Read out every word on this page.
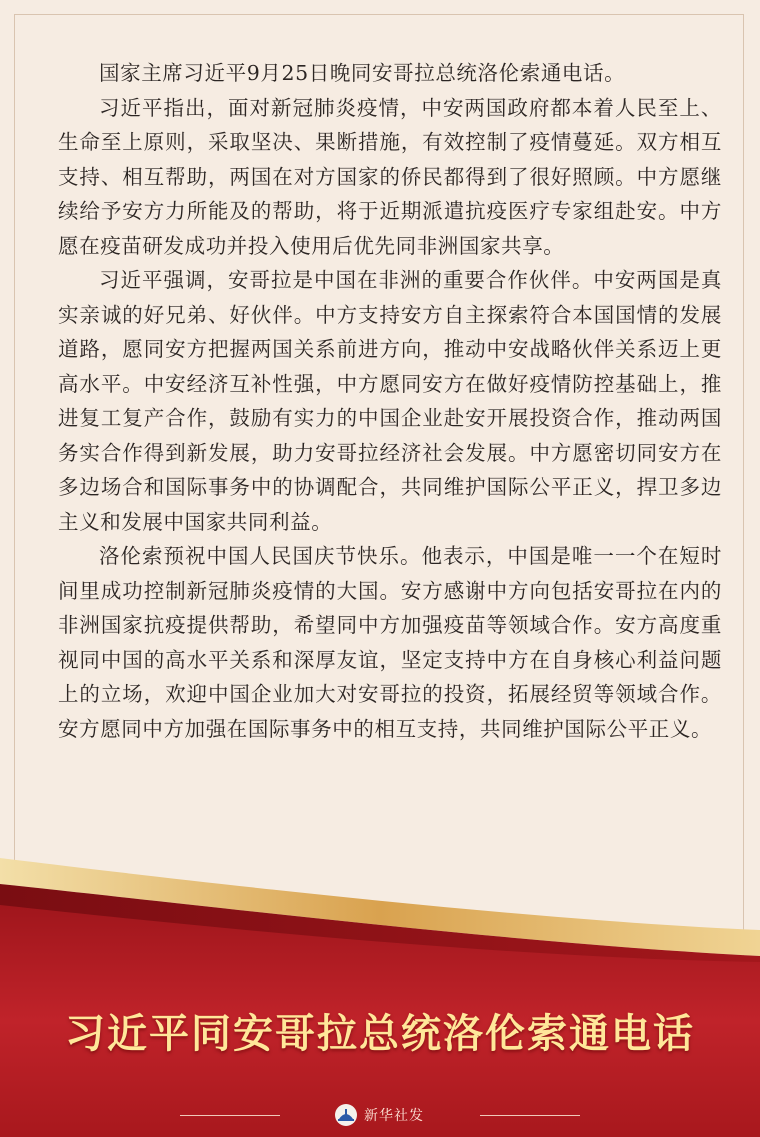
国家主席习近平9月25日晚同安哥拉总统洛伦索通电话。

习近平指出，面对新冠肺炎疫情，中安两国政府都本着人民至上、生命至上原则，采取坚决、果断措施，有效控制了疫情蔓延。双方相互支持、相互帮助，两国在对方国家的侨民都得到了很好照顾。中方愿继续给予安方力所能及的帮助，将于近期派遣抗疫医疗专家组赴安。中方愿在疫苗研发成功并投入使用后优先同非洲国家共享。

习近平强调，安哥拉是中国在非洲的重要合作伙伴。中安两国是真实亲诚的好兄弟、好伙伴。中方支持安方自主探索符合本国国情的发展道路，愿同安方把握两国关系前进方向，推动中安战略伙伴关系迈上更高水平。中安经济互补性强，中方愿同安方在做好疫情防控基础上，推进复工复产合作，鼓励有实力的中国企业赴安开展投资合作，推动两国务实合作得到新发展，助力安哥拉经济社会发展。中方愿密切同安方在多边场合和国际事务中的协调配合，共同维护国际公平正义，捍卫多边主义和发展中国家共同利益。

洛伦索预祝中国人民国庆节快乐。他表示，中国是唯一一个在短时间里成功控制新冠肺炎疫情的大国。安方感谢中方向包括安哥拉在内的非洲国家抗疫提供帮助，希望同中方加强疫苗等领域合作。安方高度重视同中国的高水平关系和深厚友谊，坚定支持中方在自身核心利益问题上的立场，欢迎中国企业加大对安哥拉的投资，拓展经贸等领域合作。安方愿同中方加强在国际事务中的相互支持，共同维护国际公平正义。

习近平同安哥拉总统洛伦索通电话
新华社发
